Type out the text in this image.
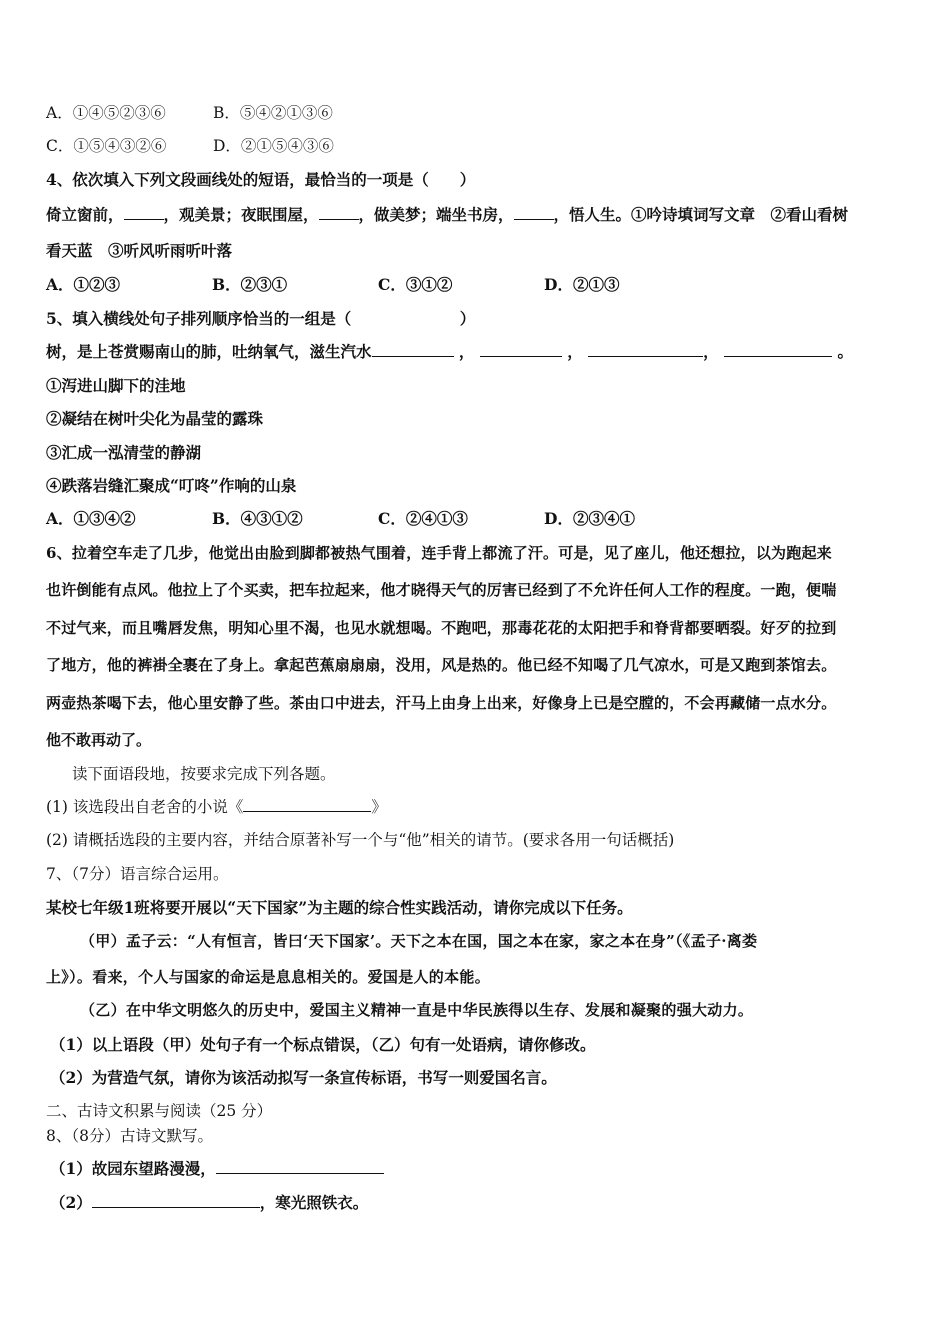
A．①④⑤②③⑥	B．⑤④②①③⑥
C．①⑤④③②⑥	D．②①⑤④③⑥
4、依次填入下列文段画线处的短语，最恰当的一项是（　　）
倚立窗前，	，观美景；夜眠围屋，	，做美梦；端坐书房，	，悟人生。①吟诗填词写文章　②看山看树
看天蓝　③听风听雨听叶落
A．①②③	B．②③①	C．③①②	D．②①③
5、填入横线处句子排列顺序恰当的一组是（　　　　　　　）
树，是上苍赏赐南山的肺，吐纳氧气，滋生汽水	，	，	，	。
①泻进山脚下的洼地
②凝结在树叶尖化为晶莹的露珠
③汇成一泓清莹的静湖
④跌落岩缝汇聚成“叮咚”作响的山泉
A．①③④②	B．④③①②	C．②④①③	D．②③④①
6、拉着空车走了几步，他觉出由脸到脚都被热气围着，连手背上都流了汗。可是，见了座儿，他还想拉，以为跑起来
也许倒能有点风。他拉上了个买卖，把车拉起来，他才晓得天气的厉害已经到了不允许任何人工作的程度。一跑，便喘
不过气来，而且嘴唇发焦，明知心里不渴，也见水就想喝。不跑吧，那毒花花的太阳把手和脊背都要晒裂。好歹的拉到
了地方，他的裤褂全裹在了身上。拿起芭蕉扇扇扇，没用，风是热的。他已经不知喝了几气凉水，可是又跑到茶馆去。
两壶热茶喝下去，他心里安静了些。茶由口中进去，汗马上由身上出来，好像身上已是空膛的，不会再藏储一点水分。
他不敢再动了。
读下面语段地，按要求完成下列各题。
(1) 该选段出自老舍的小说《	》
(2) 请概括选段的主要内容，并结合原著补写一个与“他”相关的请节。(要求各用一句话概括)
7、（7分）语言综合运用。
某校七年级1班将要开展以“天下国家”为主题的综合性实践活动，请你完成以下任务。
（甲）孟子云：“人有恒言，皆曰‘天下国家’。天下之本在国，国之本在家，家之本在身”（《孟子·离娄
上》）。看来，个人与国家的命运是息息相关的。爱国是人的本能。
（乙）在中华文明悠久的历史中，爱国主义精神一直是中华民族得以生存、发展和凝聚的强大动力。
（1）以上语段（甲）处句子有一个标点错误，（乙）句有一处语病，请你修改。
（2）为营造气氛，请你为该活动拟写一条宣传标语，书写一则爱国名言。
二、古诗文积累与阅读（25 分）
8、（8分）古诗文默写。
（1）故园东望路漫漫，
（2）	，寒光照铁衣。
